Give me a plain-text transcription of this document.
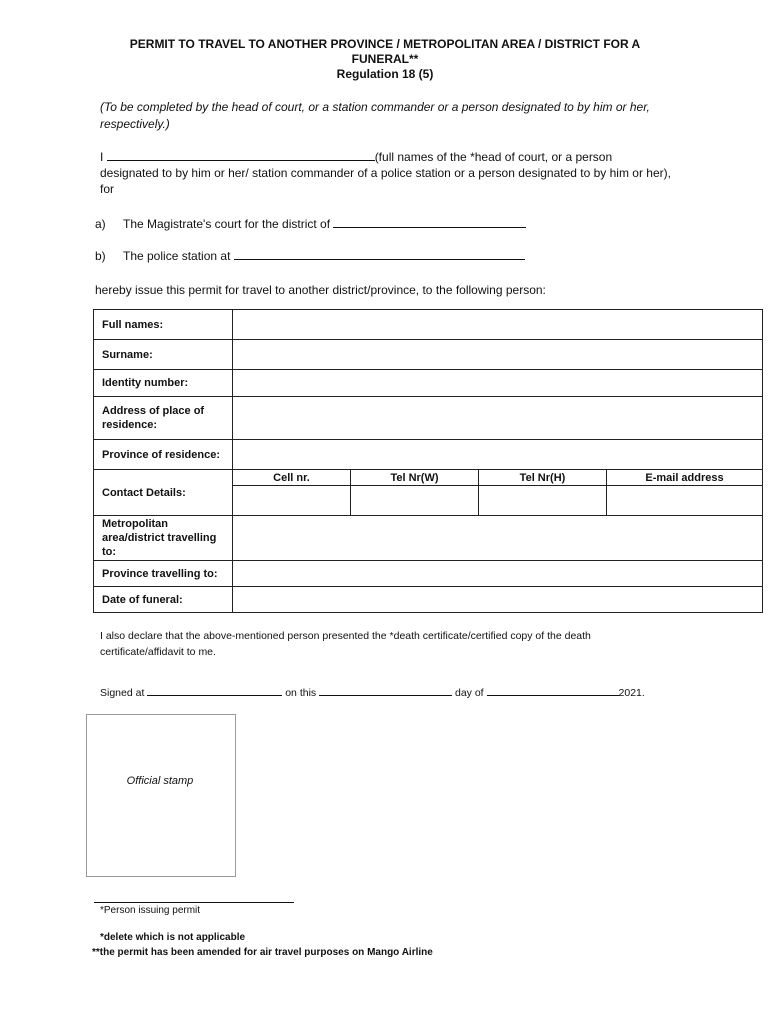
PERMIT TO TRAVEL TO ANOTHER PROVINCE / METROPOLITAN AREA / DISTRICT FOR A
FUNERAL**
Regulation 18 (5)
(To be completed by the head of court, or a station commander or a person designated to by him or her, respectively.)
I	(full names of the *head of court, or a person
designated to by him or her/ station commander of a police station or a person designated to by him or her),
for
a) The Magistrate's court for the district of
b) The police station at
hereby issue this permit for travel to another district/province, to the following person:
Full names:				
Surname:				
Identity number:				
Address of place of residence:				
Province of residence:				
Contact Details:	Cell nr.	Tel Nr(W)	Tel Nr(H)	E-mail address

Metropolitan area/district travelling to:				
Province travelling to:				
Date of funeral:				
I also declare that the above-mentioned person presented the *death certificate/certified copy of the death certificate/affidavit to me.
Signed at	on this	day of	2021.
Official stamp
*Person issuing permit
*delete which is not applicable
**the permit has been amended for air travel purposes on Mango Airline
